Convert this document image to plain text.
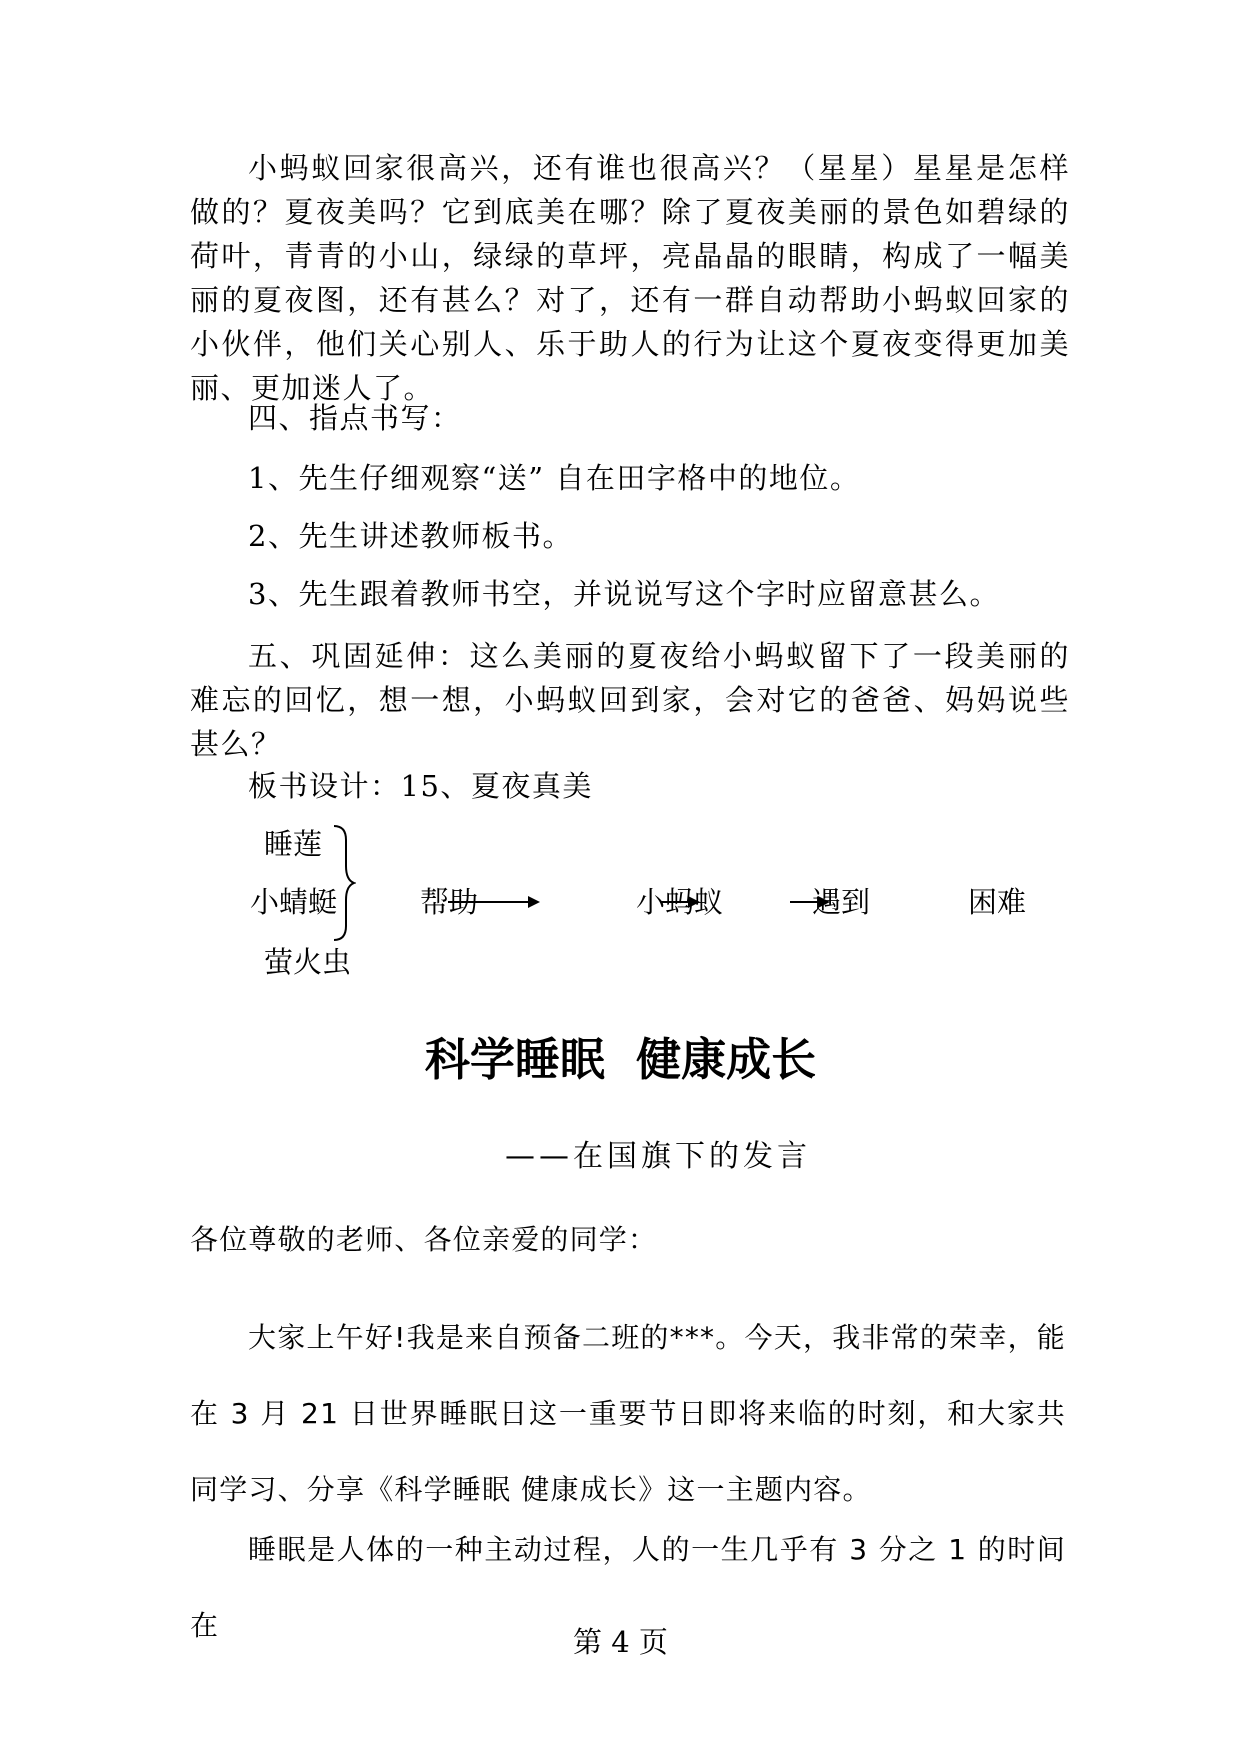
小蚂蚁回家很高兴，还有谁也很高兴？（星星）星星是怎样做的？夏夜美吗？它到底美在哪？除了夏夜美丽的景色如碧绿的荷叶，青青的小山，绿绿的草坪，亮晶晶的眼睛，构成了一幅美丽的夏夜图，还有甚么？对了，还有一群自动帮助小蚂蚁回家的小伙伴，他们关心别人、乐于助人的行为让这个夏夜变得更加美丽、更加迷人了。

四、指点书写：

1、先生仔细观察“送” 自在田字格中的地位。

2、先生讲述教师板书。

3、先生跟着教师书空，并说说写这个字时应留意甚么。

五、巩固延伸：这么美丽的夏夜给小蚂蚁留下了一段美丽的难忘的回忆，想一想，小蚂蚁回到家，会对它的爸爸、妈妈说些甚么？

板书设计：15、夏夜真美

睡莲
小蜻蜓
萤火虫
帮助	小蚂蚁	遇到	困难
科学睡眠  健康成长

——在国旗下的发言

各位尊敬的老师、各位亲爱的同学：

大家上午好!我是来自预备二班的***。今天，我非常的荣幸，能在 3 月 21 日世界睡眠日这一重要节日即将来临的时刻，和大家共同学习、分享《科学睡眠 健康成长》这一主题内容。

睡眠是人体的一种主动过程，人的一生几乎有 3 分之 1 的时间在	第 4 页
